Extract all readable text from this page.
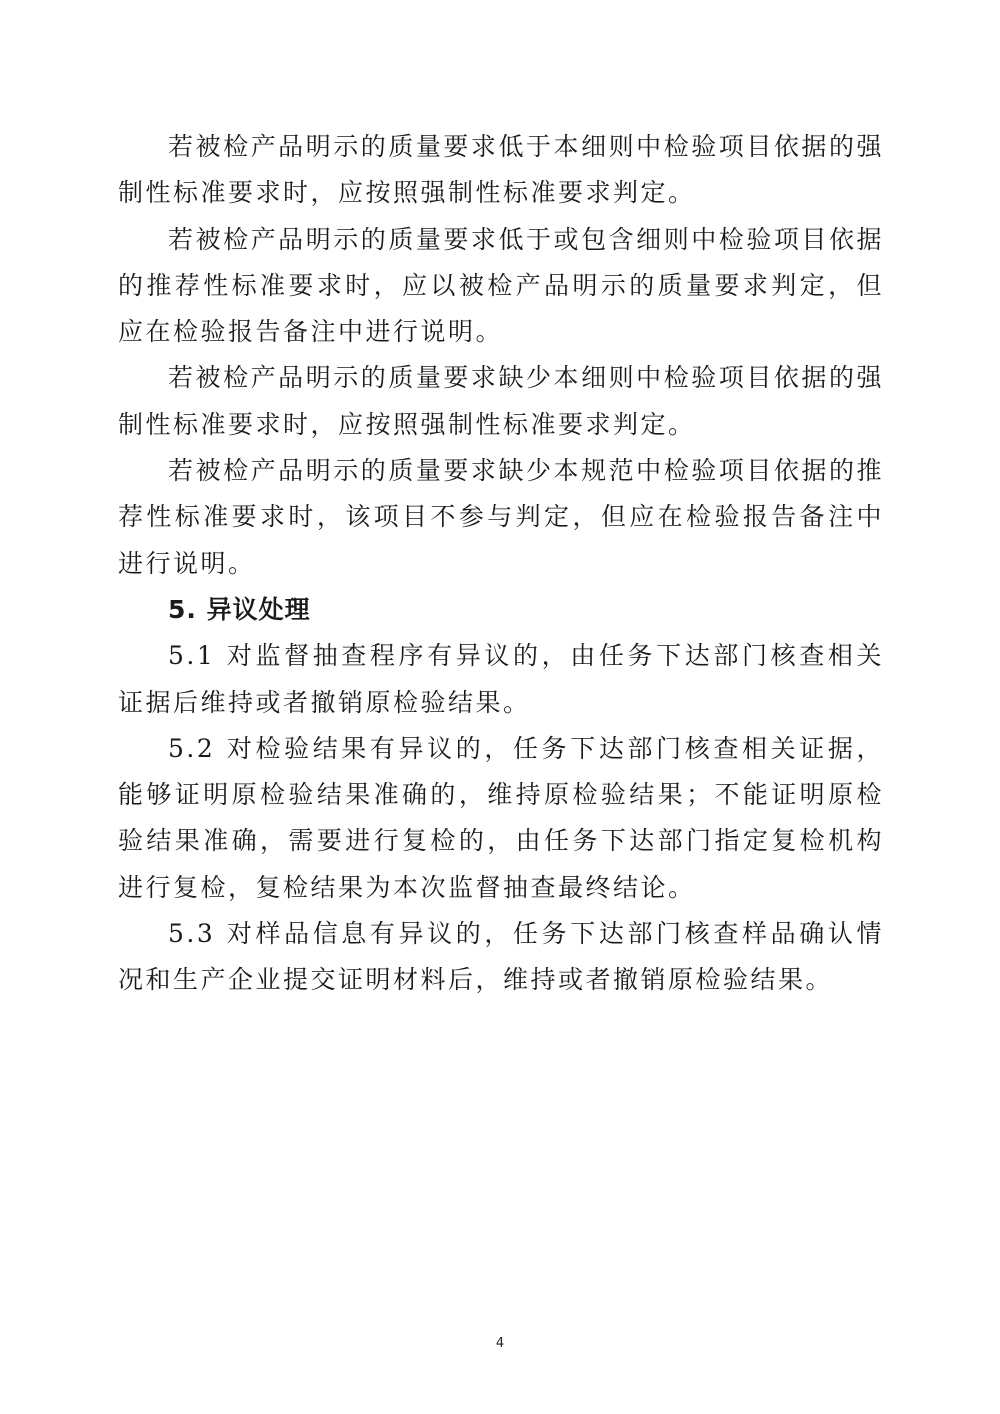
若被检产品明示的质量要求低于本细则中检验项目依据的强制性标准要求时，应按照强制性标准要求判定。

若被检产品明示的质量要求低于或包含细则中检验项目依据的推荐性标准要求时，应以被检产品明示的质量要求判定，但应在检验报告备注中进行说明。

若被检产品明示的质量要求缺少本细则中检验项目依据的强制性标准要求时，应按照强制性标准要求判定。

若被检产品明示的质量要求缺少本规范中检验项目依据的推荐性标准要求时，该项目不参与判定，但应在检验报告备注中进行说明。

5. 异议处理

5.1 对监督抽查程序有异议的，由任务下达部门核查相关证据后维持或者撤销原检验结果。

5.2 对检验结果有异议的，任务下达部门核查相关证据，能够证明原检验结果准确的，维持原检验结果；不能证明原检验结果准确，需要进行复检的，由任务下达部门指定复检机构进行复检，复检结果为本次监督抽查最终结论。

5.3 对样品信息有异议的，任务下达部门核查样品确认情况和生产企业提交证明材料后，维持或者撤销原检验结果。

4
